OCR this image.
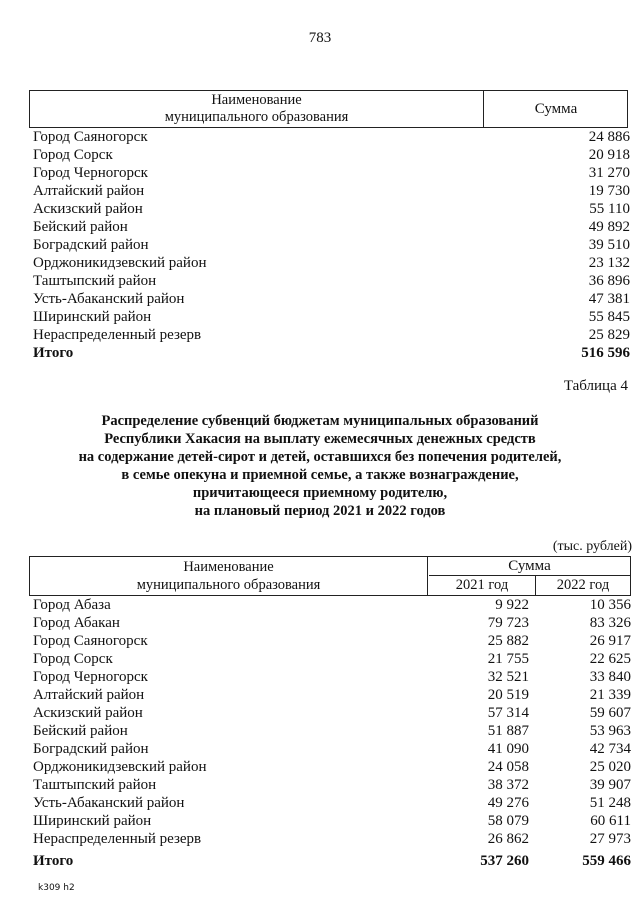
783
Наименование
муниципального образования	Сумма
Город Саяногорск	24 886
Город Сорск	20 918
Город Черногорск	31 270
Алтайский район	19 730
Аскизский район	55 110
Бейский район	49 892
Боградский район	39 510
Орджоникидзевский район	23 132
Таштыпский район	36 896
Усть-Абаканский район	47 381
Ширинский район	55 845
Нераспределенный резерв	25 829
Итого	516 596
Таблица 4
Распределение субвенций бюджетам муниципальных образований
Республики Хакасия на выплату ежемесячных денежных средств
на содержание детей-сирот и детей, оставшихся без попечения родителей,
в семье опекуна и приемной семье, а также вознаграждение,
причитающееся приемному родителю,
на плановый период 2021 и 2022 годов
(тыс. рублей)
Наименование
муниципального образования
Сумма
2021 год	2022 год
Город Абаза	9 922	10 356
Город Абакан	79 723	83 326
Город Саяногорск	25 882	26 917
Город Сорск	21 755	22 625
Город Черногорск	32 521	33 840
Алтайский район	20 519	21 339
Аскизский район	57 314	59 607
Бейский район	51 887	53 963
Боградский район	41 090	42 734
Орджоникидзевский район	24 058	25 020
Таштыпский район	38 372	39 907
Усть-Абаканский район	49 276	51 248
Ширинский район	58 079	60 611
Нераспределенный резерв	26 862	27 973
Итого	537 260	559 466
k309 h2
